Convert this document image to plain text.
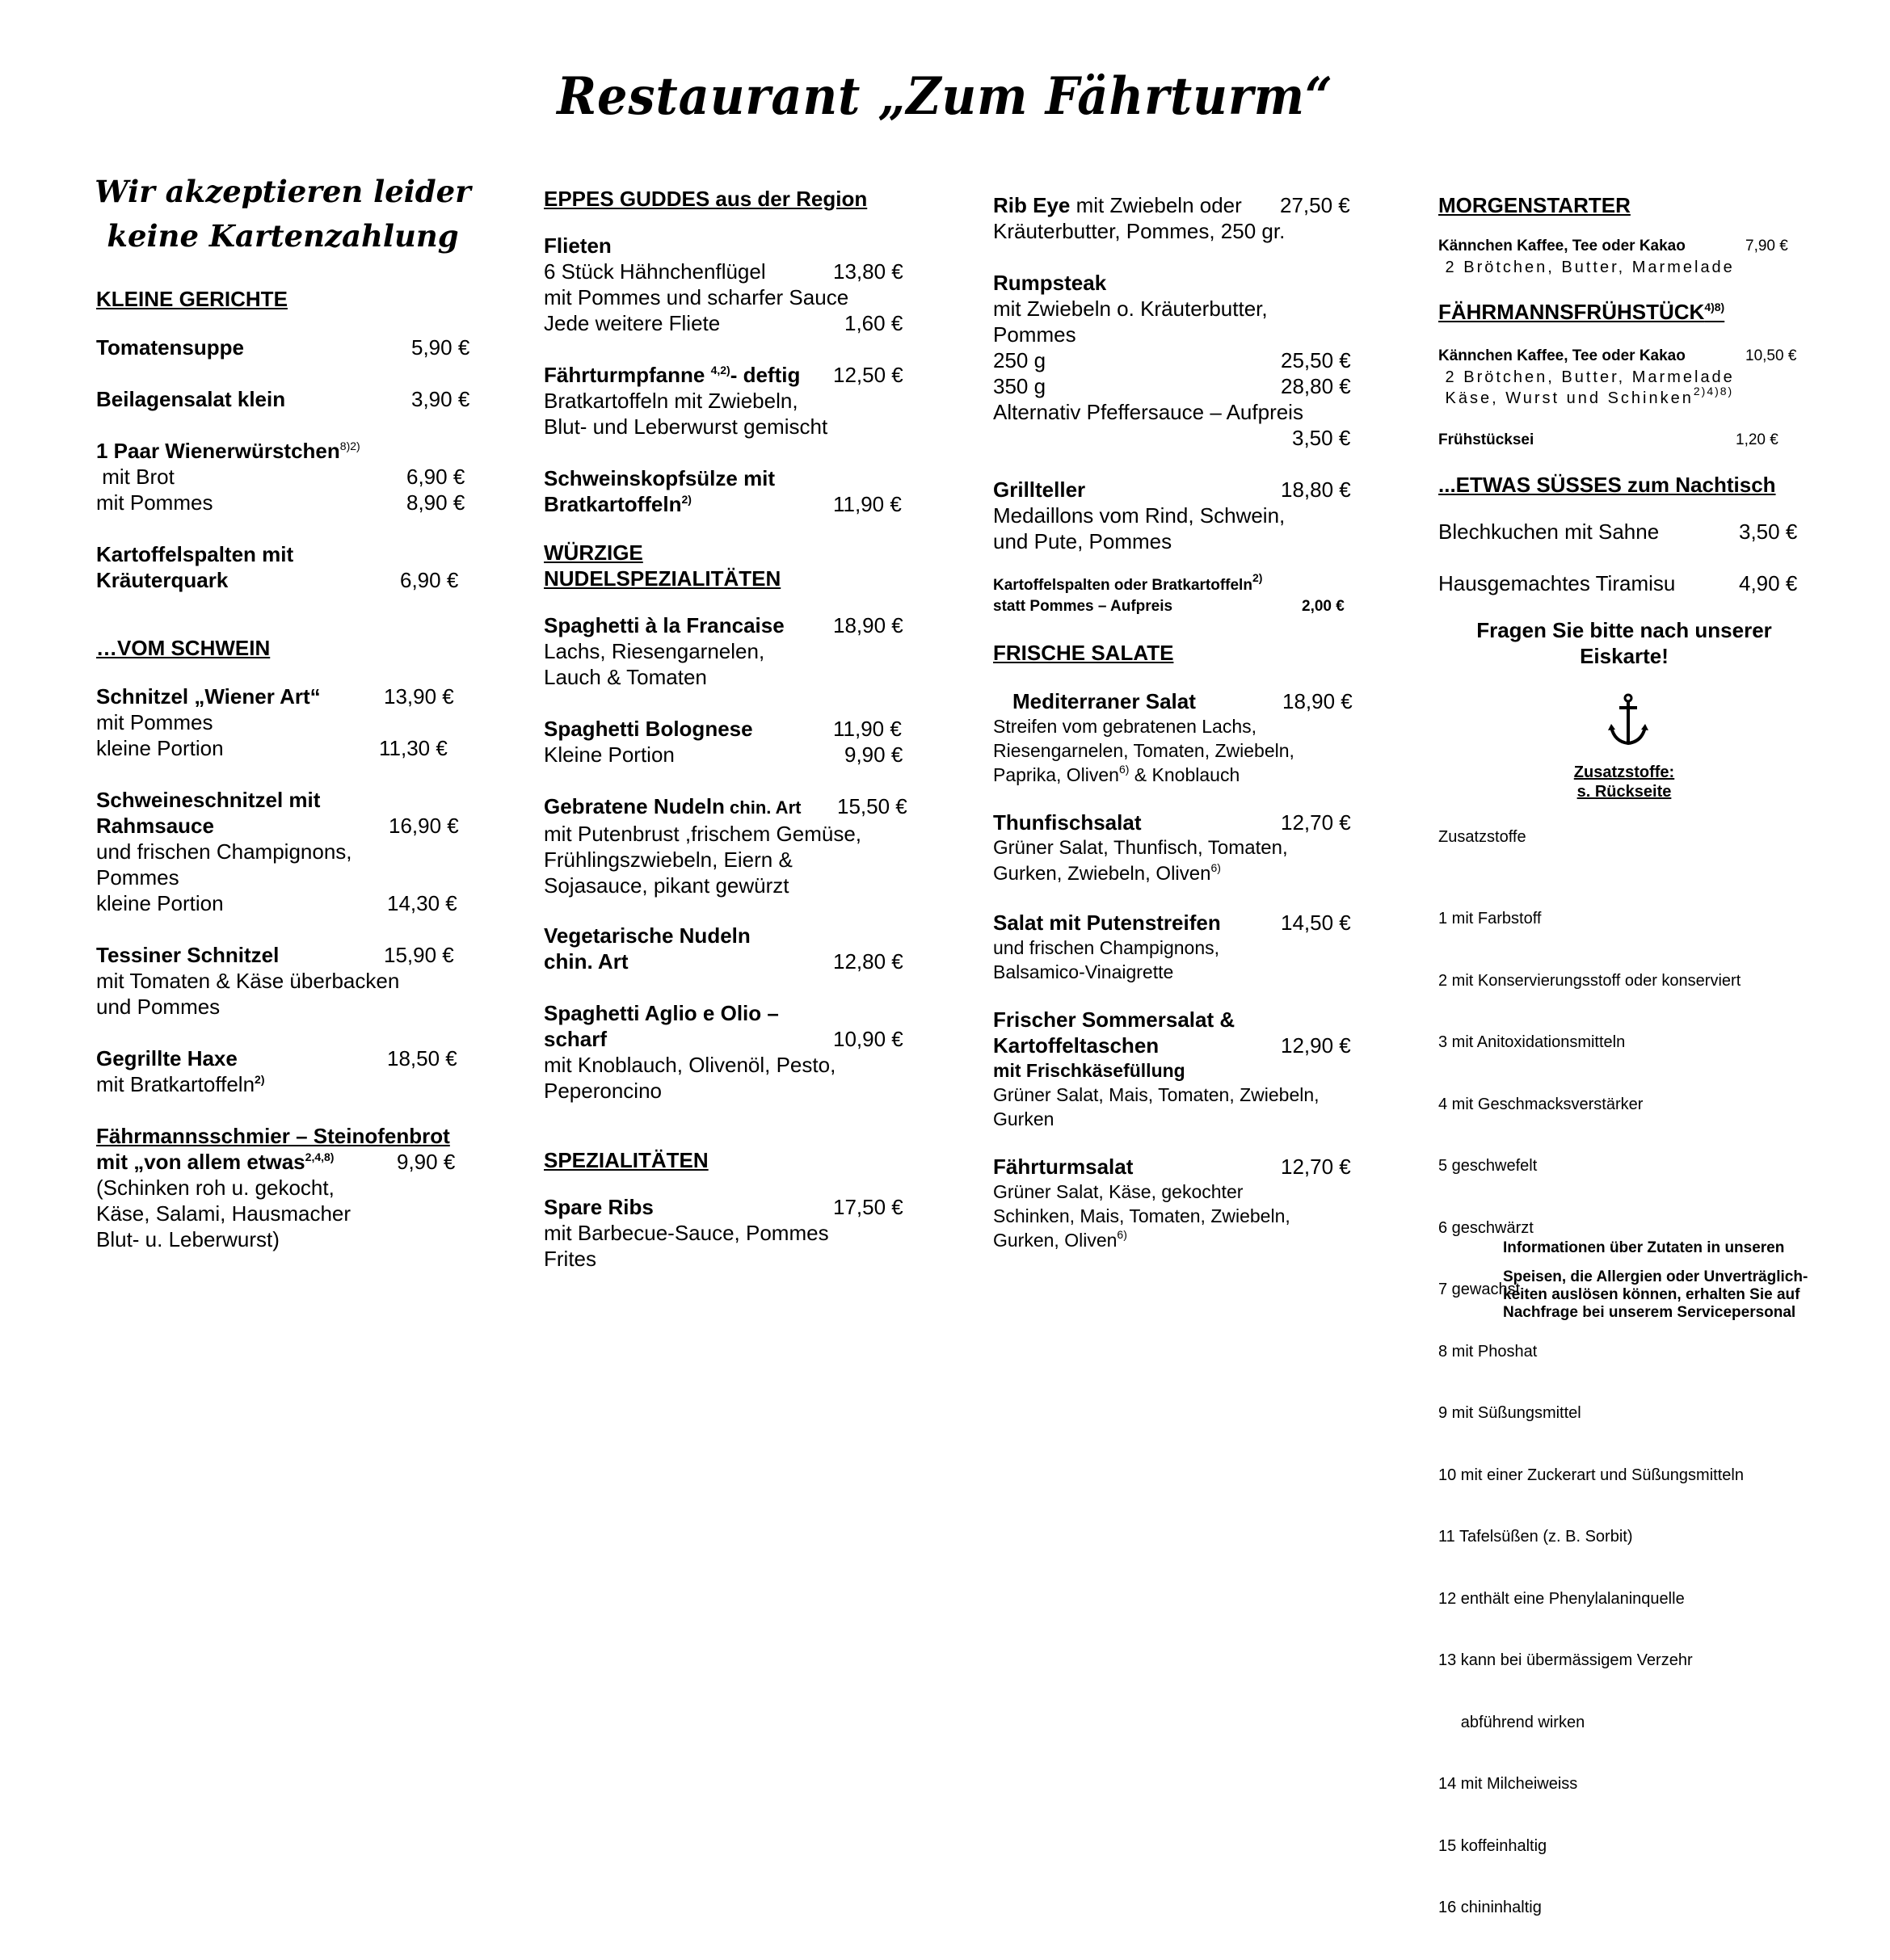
Restaurant „Zum Fährturm“
Wir akzeptieren leider keine Kartenzahlung
KLEINE GERICHTE
Tomatensuppe	5,90 €
Beilagensalat klein	3,90 €
1 Paar Wienerwürstchen$^{8)2)}$
mit Brot	6,90 €
mit Pommes	8,90 €
Kartoffelspalten mit
Kräuterquark	6,90 €
…VOM SCHWEIN
Schnitzel „Wiener Art“	13,90 €
mit Pommes
kleine Portion	11,30 €
Schweineschnitzel mit
Rahmsauce	16,90 €
und frischen Champignons,
Pommes
kleine Portion	14,30 €
Tessiner Schnitzel	15,90 €
mit Tomaten & Käse überbacken
und Pommes
Gegrillte Haxe	18,50 €
mit Bratkartoffeln$^{2)}$
Fährmannsschmier – Steinofenbrot
mit „von allem etwas$^{2,4,8)}$	9,90 €
(Schinken roh u. gekocht,
Käse, Salami, Hausmacher
Blut- u. Leberwurst)
EPPES GUDDES aus der Region
Flieten
6 Stück Hähnchenflügel	13,80 €
mit Pommes und scharfer Sauce
Jede weitere Fliete	1,60 €
Fährturmpfanne $^{4,2)}$- deftig 12,50 €
Bratkartoffeln mit Zwiebeln,
Blut- und Leberwurst gemischt
Schweinskopfsülze mit
Bratkartoffeln$^{2)}$	11,90 €
WÜRZIGE
NUDELSPEZIALITÄTEN
Spaghetti à la Francaise 18,90 €
Lachs, Riesengarnelen,
Lauch & Tomaten
Spaghetti Bolognese	11,90 €
Kleine Portion	9,90 €
Gebratene Nudeln chin. Art 15,50 €
mit Putenbrust ,frischem Gemüse,
Frühlingszwiebeln, Eiern &
Sojasauce, pikant gewürzt
Vegetarische Nudeln
chin. Art	12,80 €
Spaghetti Aglio e Olio –
scharf	10,90 €
mit Knoblauch, Olivenöl, Pesto,
Peperoncino
SPEZIALITÄTEN
Spare Ribs	17,50 €
mit Barbecue-Sauce, Pommes
Frites
Rib Eye mit Zwiebeln oder 27,50 €
Kräuterbutter, Pommes, 250 gr.
Rumpsteak
mit Zwiebeln o. Kräuterbutter,
Pommes
250 g	25,50 €
350 g	28,80 €
Alternativ Pfeffersauce – Aufpreis
3,50 €
Grillteller	18,80 €
Medaillons vom Rind, Schwein,
und Pute, Pommes
Kartoffelspalten oder Bratkartoffeln$^{2)}$
statt Pommes – Aufpreis	2,00 €
FRISCHE SALATE
Mediterraner Salat	18,90 €
Streifen vom gebratenen Lachs,
Riesengarnelen, Tomaten, Zwiebeln,
Paprika, Oliven$^{6)}$ & Knoblauch
Thunfischsalat	12,70 €
Grüner Salat, Thunfisch, Tomaten,
Gurken, Zwiebeln, Oliven$^{6)}$
Salat mit Putenstreifen	14,50 €
und frischen Champignons,
Balsamico-Vinaigrette
Frischer Sommersalat &
Kartoffeltaschen	12,90 €
mit Frischkäsefüllung
Grüner Salat, Mais, Tomaten, Zwiebeln,
Gurken
Fährturmsalat	12,70 €
Grüner Salat, Käse, gekochter
Schinken, Mais, Tomaten, Zwiebeln,
Gurken, Oliven$^{6)}$
MORGENSTARTER
Kännchen Kaffee, Tee oder Kakao	7,90 €
2 Brötchen, Butter, Marmelade
$FÄHRMANNSFRÜHSTÜCK^{4)8)}$
Kännchen Kaffee, Tee oder Kakao	10,50 €
2 Brötchen, Butter, Marmelade
Käse, Wurst und Schinken$^{2)4)8)}$
Frühstücksei	1,20 €
...ETWAS SÜSSES zum Nachtisch
Blechkuchen mit Sahne	3,50 €
Hausgemachtes Tiramisu	4,90 €
Fragen Sie bitte nach unserer
Eiskarte!
Zusatzstoffe:
s. Rückseite
Zusatzstoffe

1 mit Farbstoff

2 mit Konservierungsstoff oder konserviert

3 mit Anitoxidationsmitteln

4 mit Geschmacksverstärker

5 geschwefelt

6 geschwärzt

7 gewachst

8 mit Phoshat

9 mit Süßungsmittel

10 mit einer Zuckerart und Süßungsmitteln

11 Tafelsüßen (z. B. Sorbit)

12 enthält eine Phenylalaninquelle

13 kann bei übermässigem Verzehr

abführend wirken

14 mit Milcheiweiss

15 koffeinhaltig

16 chininhaltig

Informationen über Zutaten in unseren
Speisen, die Allergien oder Unverträglich-
keiten auslösen können, erhalten Sie auf
Nachfrage bei unserem Servicepersonal
